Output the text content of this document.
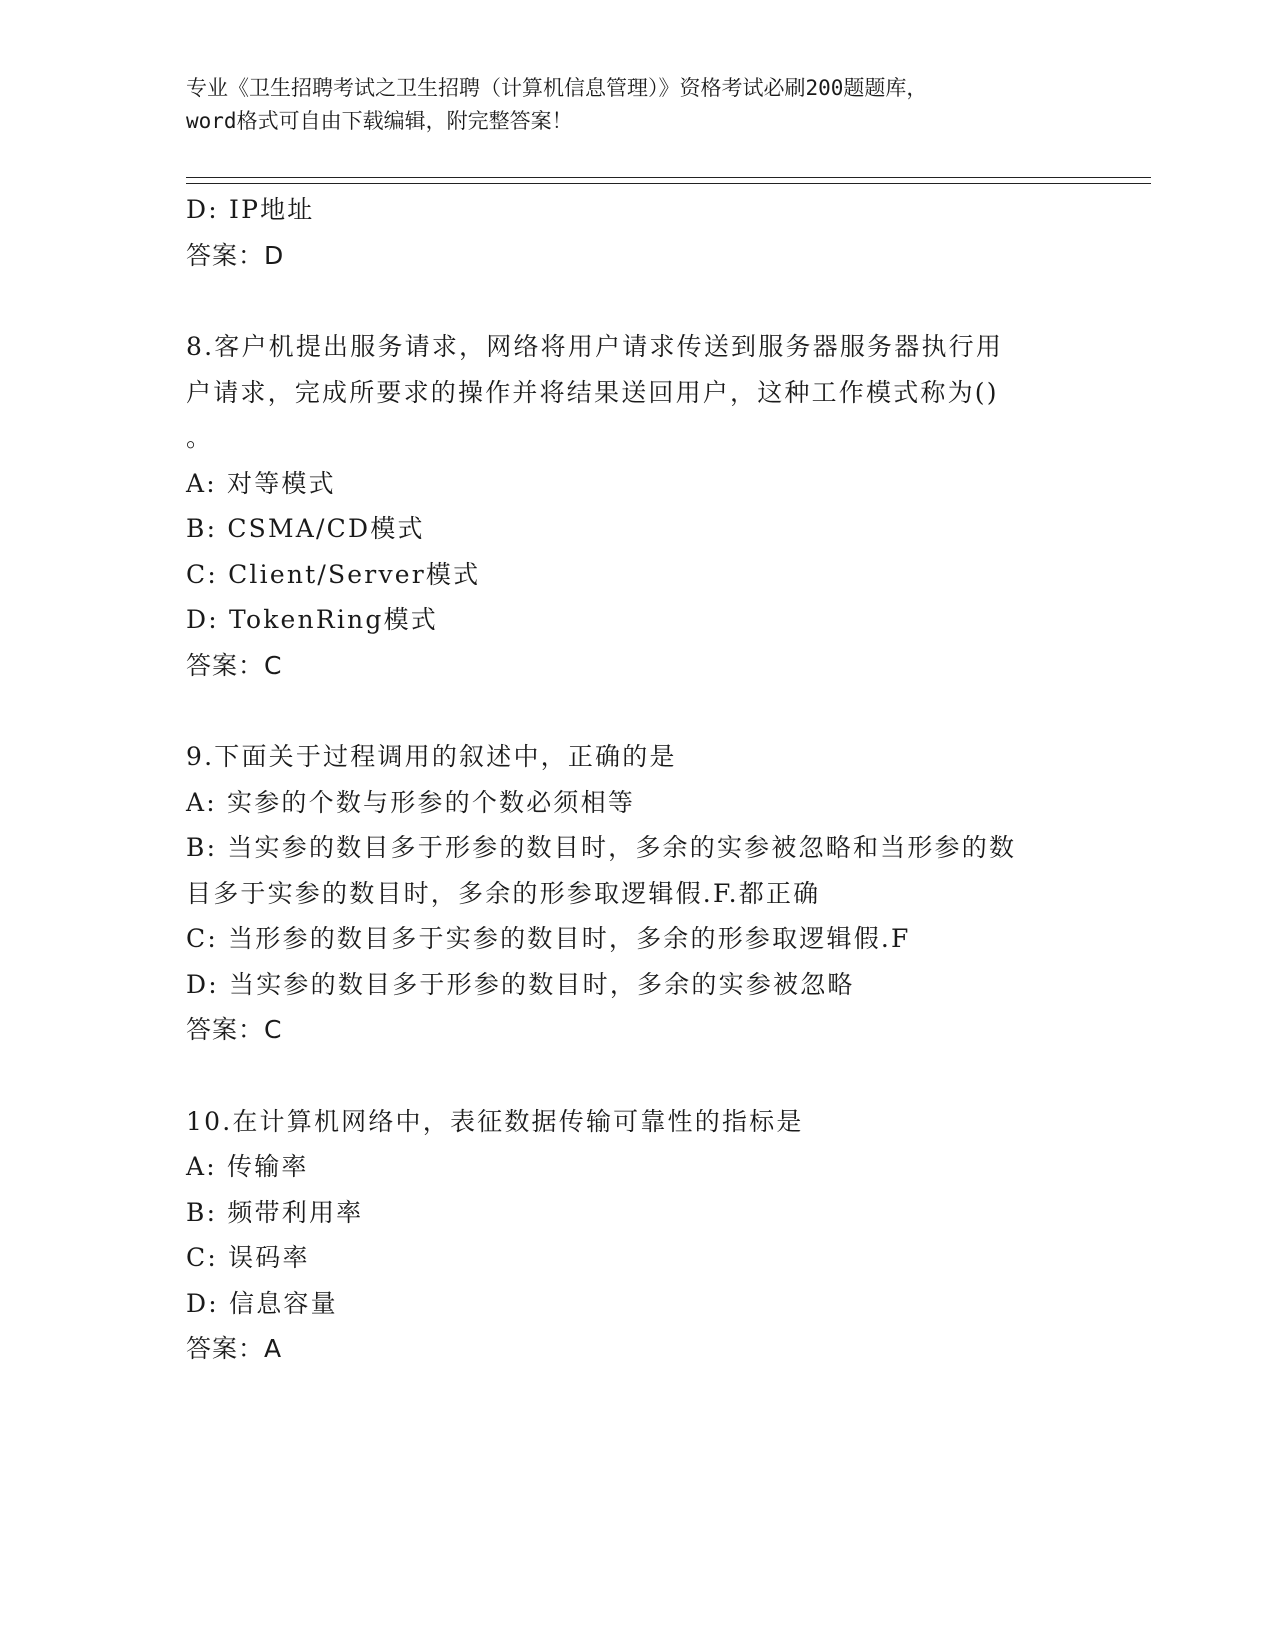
专业《卫生招聘考试之卫生招聘（计算机信息管理）》资格考试必刷200题题库，
word格式可自由下载编辑，附完整答案！
D: IP地址
答案：D
8.客户机提出服务请求，网络将用户请求传送到服务器服务器执行用
户请求，完成所要求的操作并将结果送回用户，这种工作模式称为()
。
A: 对等模式
B: CSMA/CD模式
C: Client/Server模式
D: TokenRing模式
答案：C
9.下面关于过程调用的叙述中，正确的是
A: 实参的个数与形参的个数必须相等
B: 当实参的数目多于形参的数目时，多余的实参被忽略和当形参的数
目多于实参的数目时，多余的形参取逻辑假.F.都正确
C: 当形参的数目多于实参的数目时，多余的形参取逻辑假.F
D: 当实参的数目多于形参的数目时，多余的实参被忽略
答案：C
10.在计算机网络中，表征数据传输可靠性的指标是
A: 传输率
B: 频带利用率
C: 误码率
D: 信息容量
答案：A
